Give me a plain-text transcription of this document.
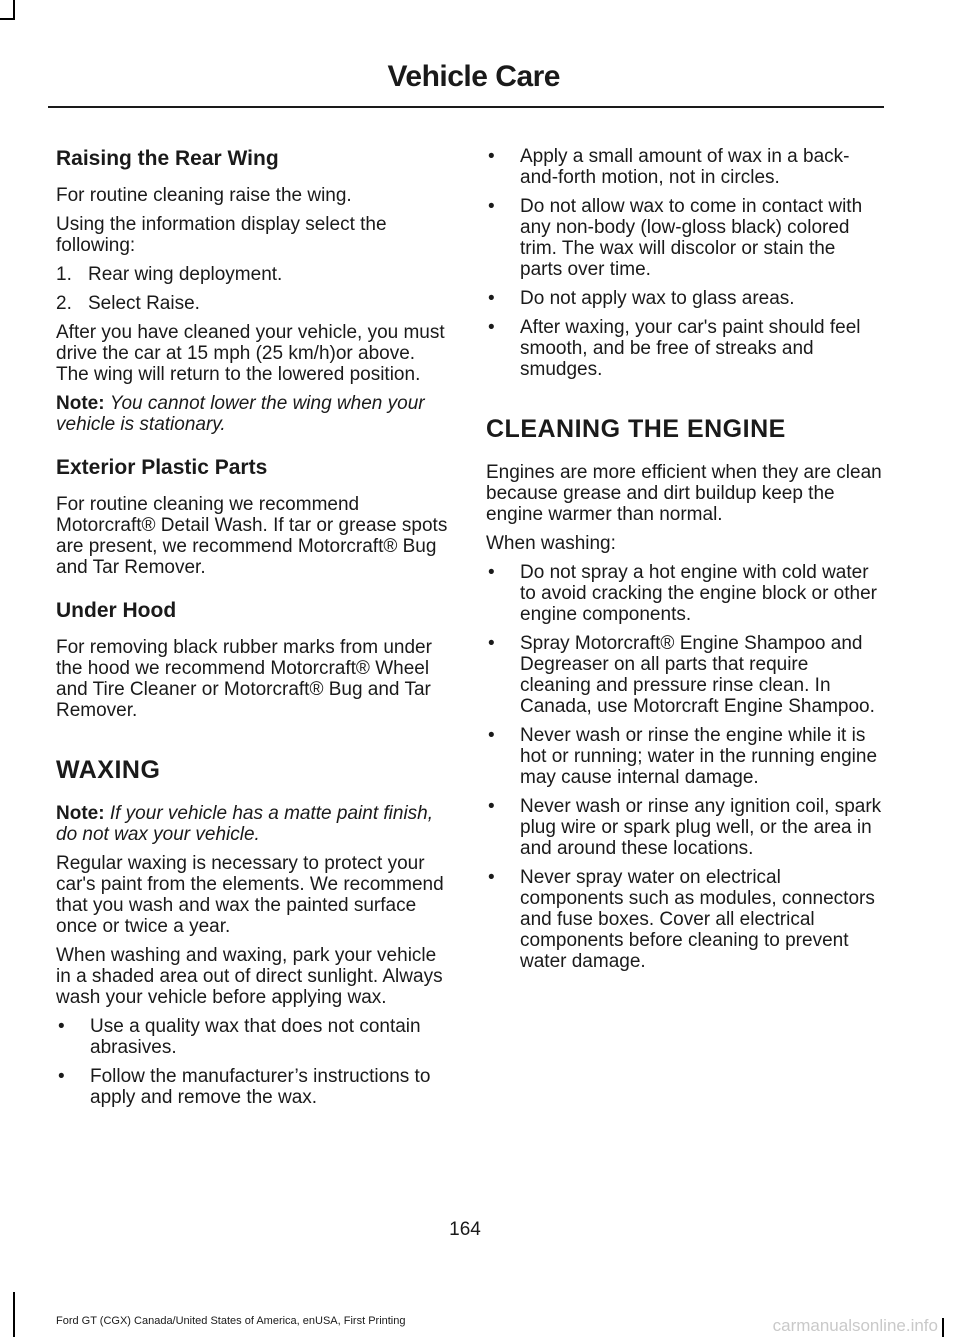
Vehicle Care
Raising the Rear Wing

For routine cleaning raise the wing.

Using the information display select the following:

1. Rear wing deployment.
2. Select Raise.

After you have cleaned your vehicle, you must drive the car at 15 mph (25 km/h)or above. The wing will return to the lowered position.

Note: You cannot lower the wing when your vehicle is stationary.

Exterior Plastic Parts

For routine cleaning we recommend Motorcraft® Detail Wash. If tar or grease spots are present, we recommend Motorcraft® Bug and Tar Remover.

Under Hood

For removing black rubber marks from under the hood we recommend Motorcraft® Wheel and Tire Cleaner or Motorcraft® Bug and Tar Remover.

WAXING

Note: If your vehicle has a matte paint finish, do not wax your vehicle.

Regular waxing is necessary to protect your car's paint from the elements. We recommend that you wash and wax the painted surface once or twice a year.

When washing and waxing, park your vehicle in a shaded area out of direct sunlight. Always wash your vehicle before applying wax.

•	Use a quality wax that does not contain abrasives.
•	Follow the manufacturer’s instructions to apply and remove the wax.
•	Apply a small amount of wax in a back-and-forth motion, not in circles.
•	Do not allow wax to come in contact with any non-body (low-gloss black) colored trim. The wax will discolor or stain the parts over time.
•	Do not apply wax to glass areas.
•	After waxing, your car's paint should feel smooth, and be free of streaks and smudges.
CLEANING THE ENGINE

Engines are more efficient when they are clean because grease and dirt buildup keep the engine warmer than normal.

When washing:

•	Do not spray a hot engine with cold water to avoid cracking the engine block or other engine components.
•	Spray Motorcraft® Engine Shampoo and Degreaser on all parts that require cleaning and pressure rinse clean. In Canada, use Motorcraft Engine Shampoo.
•	Never wash or rinse the engine while it is hot or running; water in the running engine may cause internal damage.
•	Never wash or rinse any ignition coil, spark plug wire or spark plug well, or the area in and around these locations.
•	Never spray water on electrical components such as modules, connectors and fuse boxes. Cover all electrical components before cleaning to prevent water damage.
164
Ford GT (CGX) Canada/United States of America, enUSA, First Printing	carmanualsonline.info
